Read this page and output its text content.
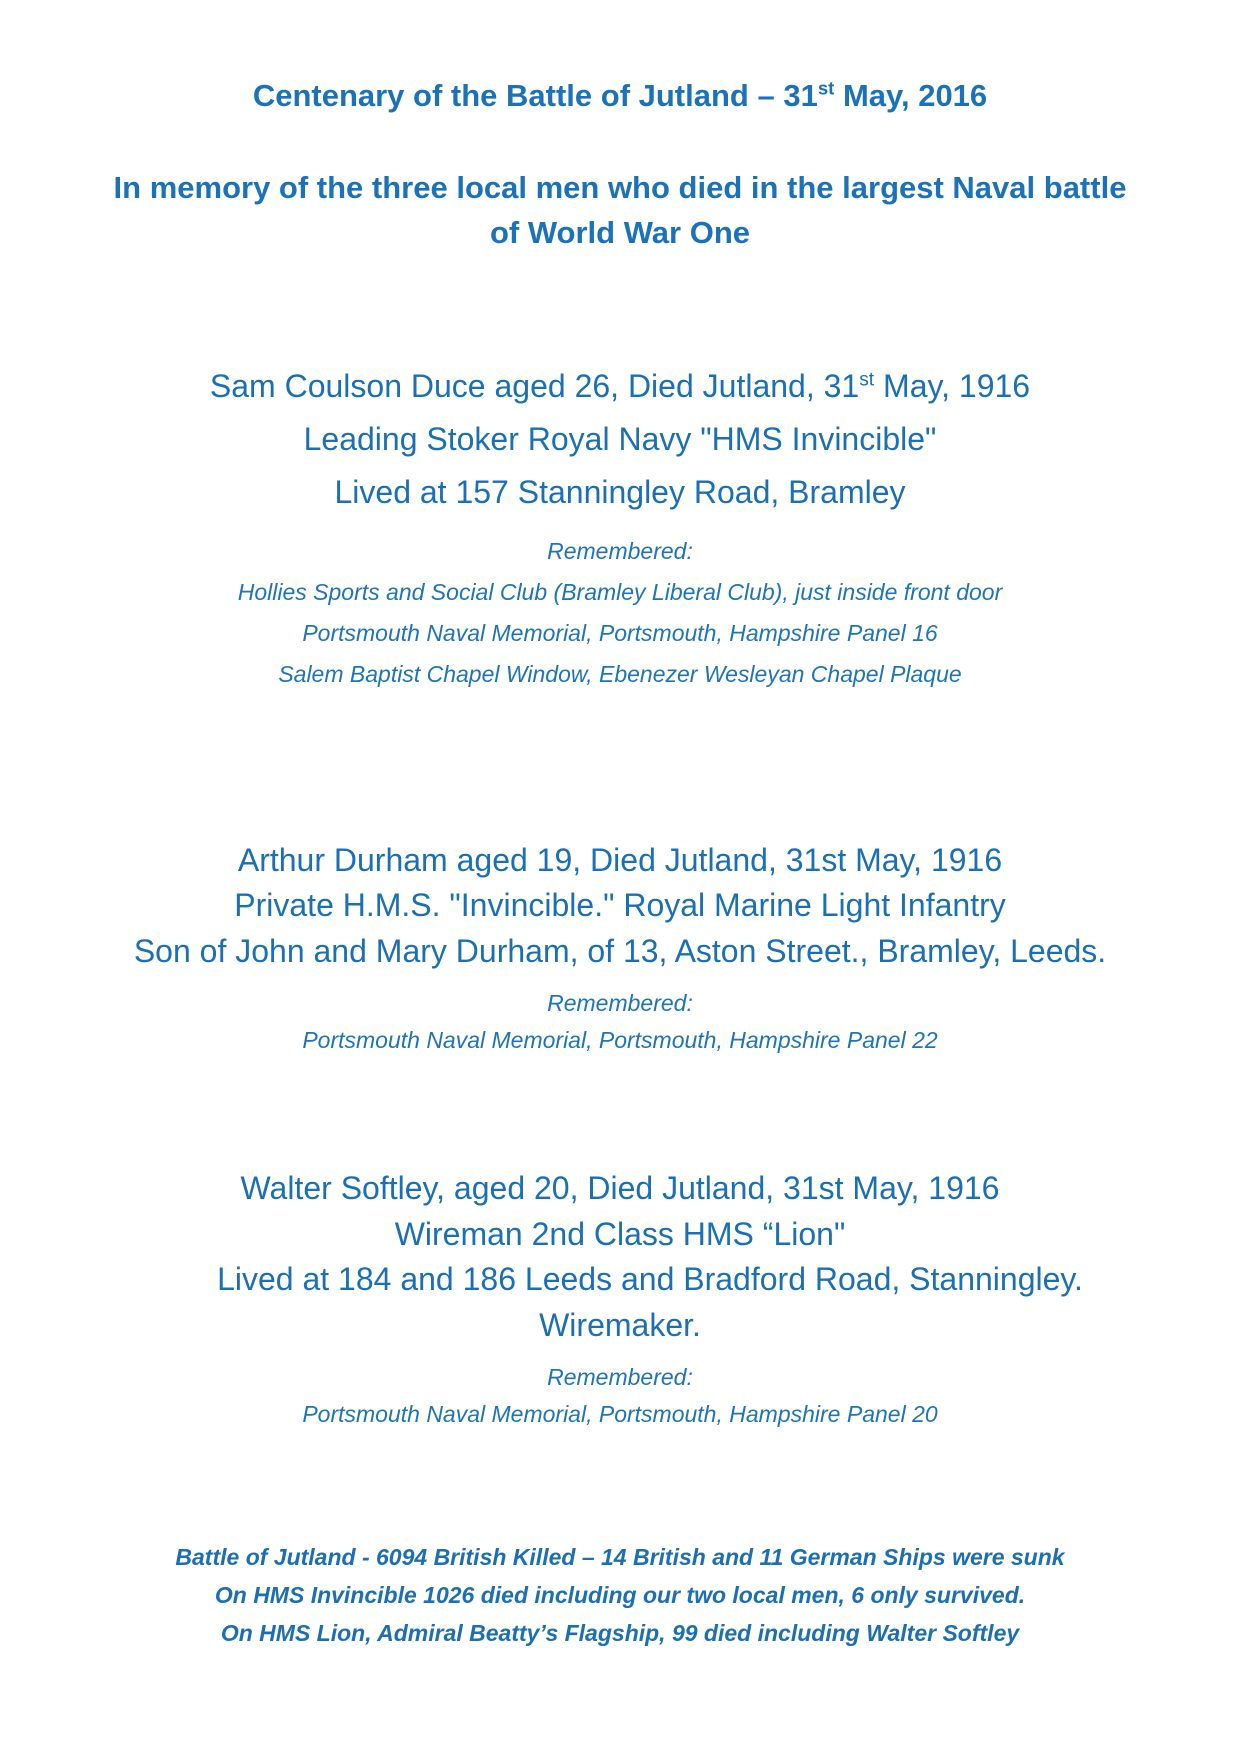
Centenary of the Battle of Jutland – 31st May, 2016
In memory of the three local men who died in the largest Naval battle
of World War One
Sam Coulson Duce aged 26, Died Jutland, 31st May, 1916
Leading Stoker Royal Navy "HMS Invincible"
Lived at 157 Stanningley Road, Bramley
Remembered:
Hollies Sports and Social Club (Bramley Liberal Club), just inside front door
Portsmouth Naval Memorial, Portsmouth, Hampshire Panel 16
Salem Baptist Chapel Window, Ebenezer Wesleyan Chapel Plaque
Arthur Durham aged 19, Died Jutland, 31st May, 1916
Private H.M.S. "Invincible." Royal Marine Light Infantry
Son of John and Mary Durham, of 13, Aston Street., Bramley, Leeds.
Remembered:
Portsmouth Naval Memorial, Portsmouth, Hampshire Panel 22
Walter Softley, aged 20, Died Jutland, 31st May, 1916
Wireman 2nd Class HMS “Lion"
Lived at 184 and 186 Leeds and Bradford Road, Stanningley.
Wiremaker.
Remembered:
Portsmouth Naval Memorial, Portsmouth, Hampshire Panel 20
Battle of Jutland - 6094 British Killed – 14 British and 11 German Ships were sunk
On HMS Invincible 1026 died including our two local men, 6 only survived.
On HMS Lion, Admiral Beatty’s Flagship, 99 died including Walter Softley
